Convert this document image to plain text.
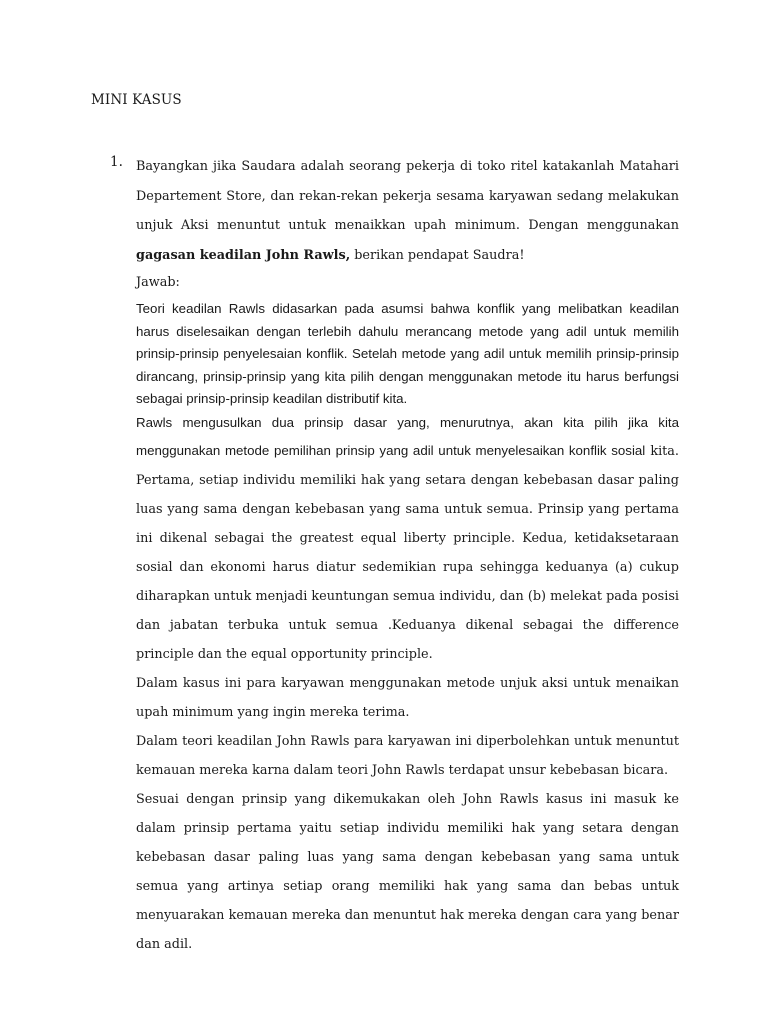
MINI KASUS
1. Bayangkan jika Saudara adalah seorang pekerja di toko ritel katakanlah Matahari Departement Store, dan rekan-rekan pekerja sesama karyawan sedang melakukan unjuk Aksi menuntut untuk menaikkan upah minimum. Dengan menggunakan gagasan keadilan John Rawls, berikan pendapat Saudra!

Jawab:

Teori keadilan Rawls didasarkan pada asumsi bahwa konflik yang melibatkan keadilan harus diselesaikan dengan terlebih dahulu merancang metode yang adil untuk memilih prinsip-prinsip penyelesaian konflik. Setelah metode yang adil untuk memilih prinsip-prinsip dirancang, prinsip-prinsip yang kita pilih dengan menggunakan metode itu harus berfungsi sebagai prinsip-prinsip keadilan distributif kita.

Rawls mengusulkan dua prinsip dasar yang, menurutnya, akan kita pilih jika kita menggunakan metode pemilihan prinsip yang adil untuk menyelesaikan konflik sosial kita. Pertama, setiap individu memiliki hak yang setara dengan kebebasan dasar paling luas yang sama dengan kebebasan yang sama untuk semua. Prinsip yang pertama ini dikenal sebagai the greatest equal liberty principle. Kedua, ketidaksetaraan sosial dan ekonomi harus diatur sedemikian rupa sehingga keduanya (a) cukup diharapkan untuk menjadi keuntungan semua individu, dan (b) melekat pada posisi dan jabatan terbuka untuk semua .Keduanya dikenal sebagai the difference principle dan the equal opportunity principle.

Dalam kasus ini para karyawan menggunakan metode unjuk aksi untuk menaikan upah minimum yang ingin mereka terima.

Dalam teori keadilan John Rawls para karyawan ini diperbolehkan untuk menuntut kemauan mereka karna dalam teori John Rawls terdapat unsur kebebasan bicara.

Sesuai dengan prinsip yang dikemukakan oleh John Rawls kasus ini masuk ke dalam prinsip pertama yaitu setiap individu memiliki hak yang setara dengan kebebasan dasar paling luas yang sama dengan kebebasan yang sama untuk semua yang artinya setiap orang memiliki hak yang sama dan bebas untuk menyuarakan kemauan mereka dan menuntut hak mereka dengan cara yang benar dan adil.
